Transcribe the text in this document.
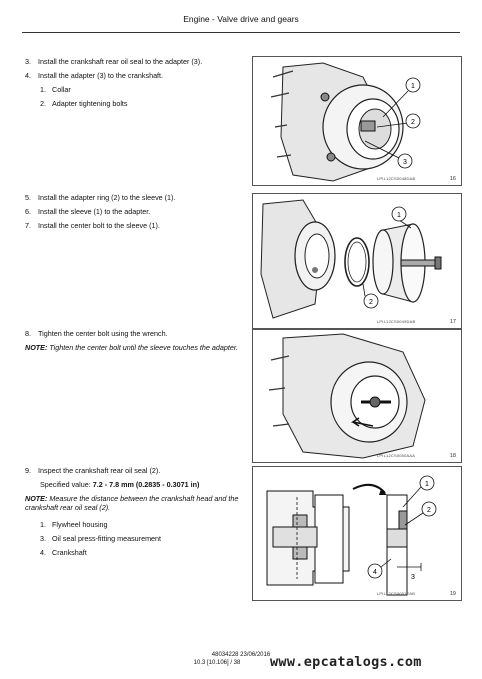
Engine - Valve drive and gears
3. Install the crankshaft rear oil seal to the adapter (3).
4. Install the adapter (3) to the crankshaft.
1. Collar
2. Adapter tightening bolts
1
2
3
LPIL12CS0048DAB	16
5. Install the adapter ring (2) to the sleeve (1).
6. Install the sleeve (1) to the adapter.
7. Install the center bolt to the sleeve (1).
1
2
LPIL12CS0049DAB	17
8. Tighten the center bolt using the wrench.
NOTE: Tighten the center bolt until the sleeve touches the adapter.
LPIL12CS0050AAA	18
9. Inspect the crankshaft rear oil seal (2).
Specified value: 7.2 - 7.8 mm (0.2835 - 0.3071 in)
NOTE: Measure the distance between the crankshaft head and the crankshaft rear oil seal (2).
1. Flywheel housing
3. Oil seal press-fitting measurement
4. Crankshaft
1
2
4
3
LPIL12CS0051EAB	19
48034228 23/06/2016
10.3 [10.106] / 38	www.epcatalogs.com
